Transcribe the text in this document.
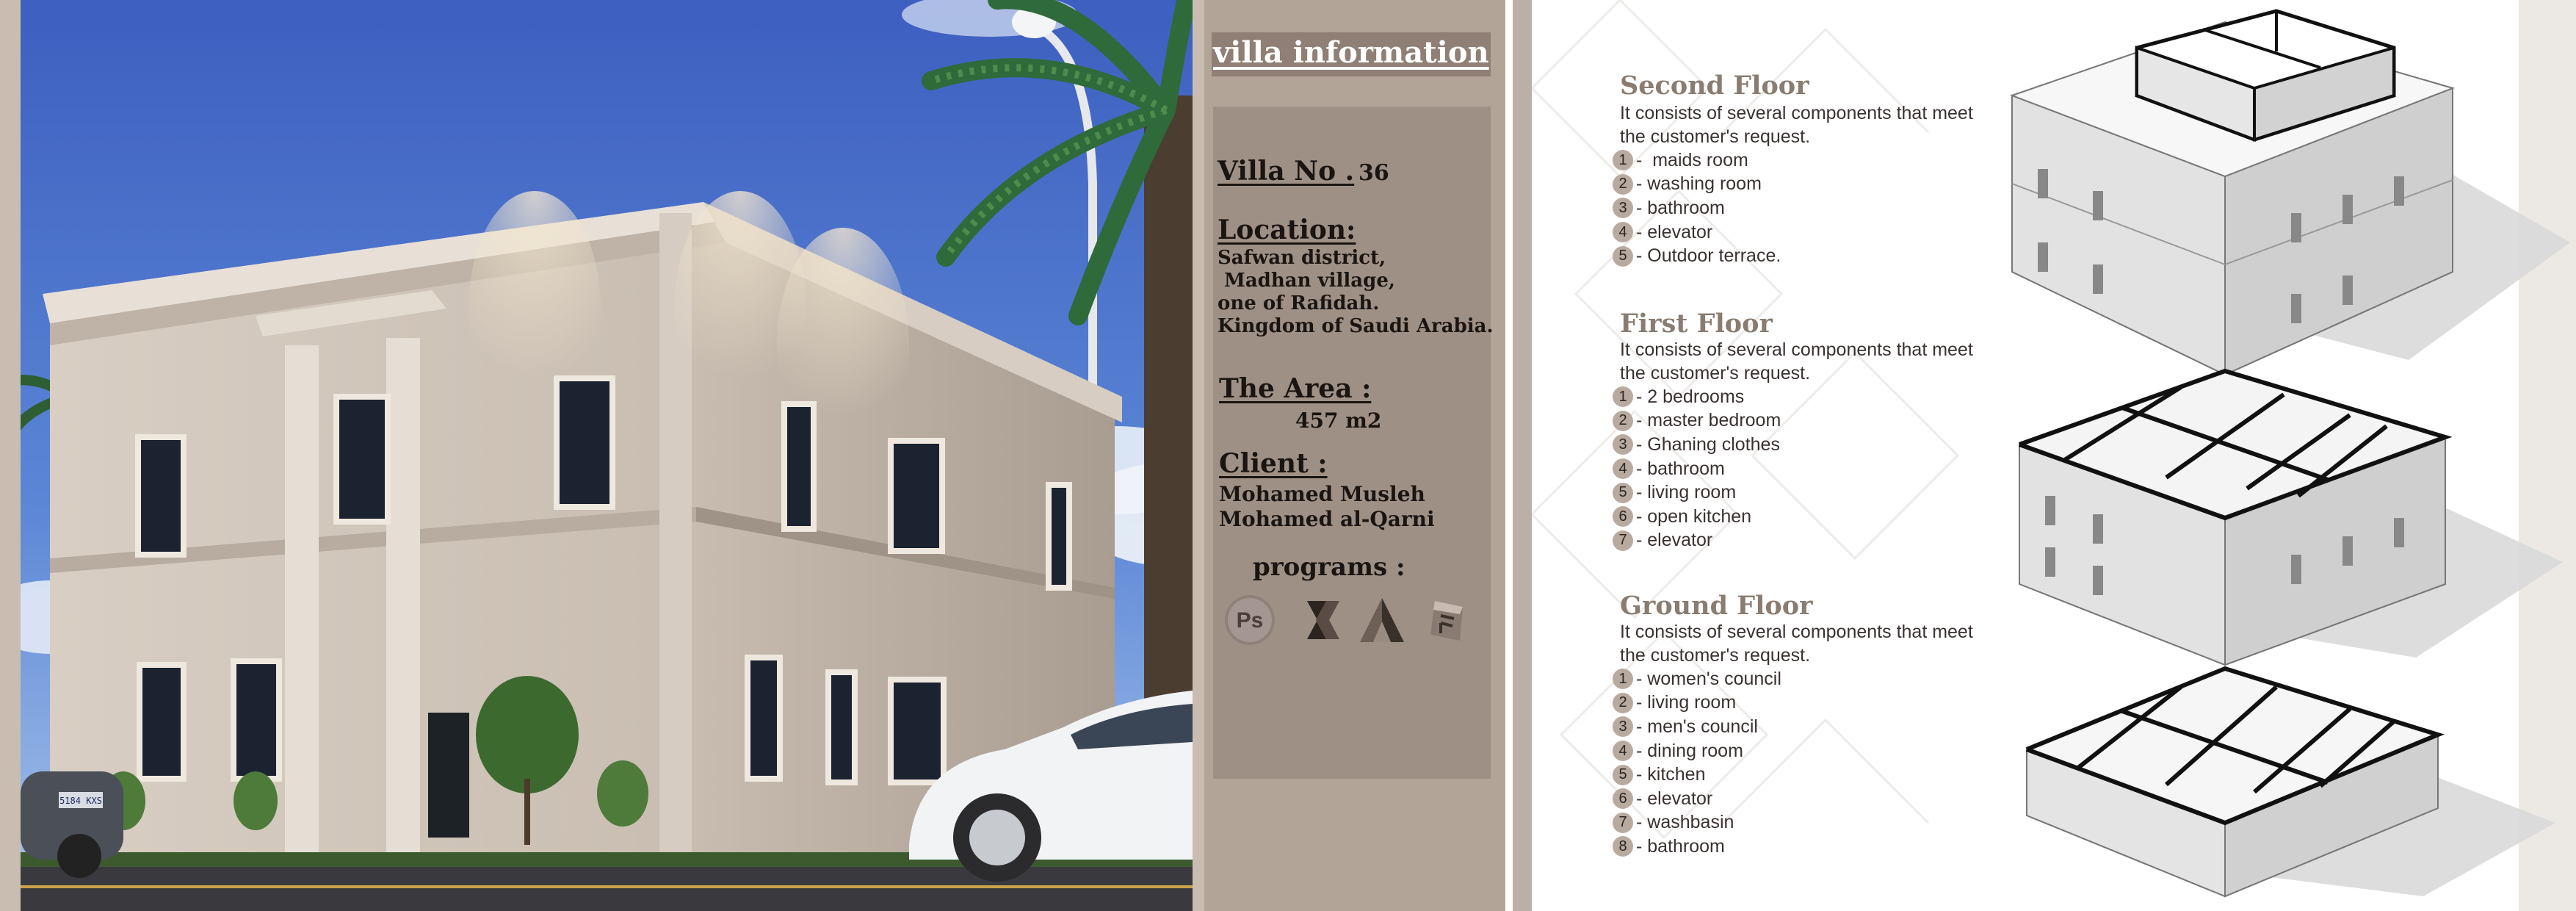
5184 KXS
villa information
Villa No . 36
Location:
Safwan district,
Madhan village,
one of Rafidah.
Kingdom of Saudi Arabia.
The Area :
457 m2
Client :
Mohamed Musleh
Mohamed al-Qarni
programs :
Ps
Second Floor
It consists of several components that meet the customer's request.
1 -  maids room
2 - washing room
3 - bathroom
4 - elevator
5 - Outdoor terrace.
First Floor
It consists of several components that meet the customer's request.
1 - 2 bedrooms
2 - master bedroom
3 - Ghaning clothes
4 - bathroom
5 - living room
6 - open kitchen
7 - elevator
Ground Floor
It consists of several components that meet the customer's request.
1 - women's council
2 - living room
3 - men's council
4 - dining room
5 - kitchen
6 - elevator
7 - washbasin
8 - bathroom
